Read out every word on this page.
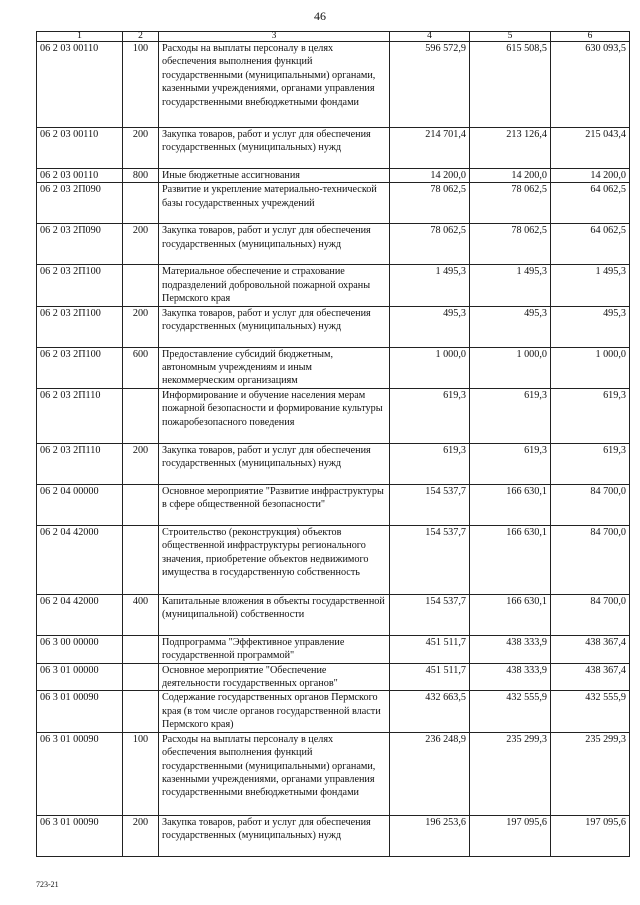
46
1	2	3	4	5	6
06 2 03 00110	100	Расходы на выплаты персоналу в целях обеспечения выполнения функций государственными (муниципальными) органами, казенными учреждениями, органами управления государственными внебюджетными фондами	596 572,9	615 508,5	630 093,5
06 2 03 00110	200	Закупка товаров, работ и услуг для обеспечения государственных (муниципальных) нужд	214 701,4	213 126,4	215 043,4
06 2 03 00110	800	Иные бюджетные ассигнования	14 200,0	14 200,0	14 200,0
06 2 03 2П090		Развитие и укрепление материально-технической базы государственных учреждений	78 062,5	78 062,5	64 062,5
06 2 03 2П090	200	Закупка товаров, работ и услуг для обеспечения государственных (муниципальных) нужд	78 062,5	78 062,5	64 062,5
06 2 03 2П100		Материальное обеспечение и страхование подразделений добровольной пожарной охраны Пермского края	1 495,3	1 495,3	1 495,3
06 2 03 2П100	200	Закупка товаров, работ и услуг для обеспечения государственных (муниципальных) нужд	495,3	495,3	495,3
06 2 03 2П100	600	Предоставление субсидий бюджетным, автономным учреждениям и иным некоммерческим организациям	1 000,0	1 000,0	1 000,0
06 2 03 2П110		Информирование и обучение населения мерам пожарной безопасности и формирование культуры пожаробезопасного поведения	619,3	619,3	619,3
06 2 03 2П110	200	Закупка товаров, работ и услуг для обеспечения государственных (муниципальных) нужд	619,3	619,3	619,3
06 2 04 00000		Основное мероприятие "Развитие инфраструктуры в сфере общественной безопасности"	154 537,7	166 630,1	84 700,0
06 2 04 42000		Строительство (реконструкция) объектов общественной инфраструктуры регионального значения, приобретение объектов недвижимого имущества в государственную собственность	154 537,7	166 630,1	84 700,0
06 2 04 42000	400	Капитальные вложения в объекты государственной (муниципальной) собственности	154 537,7	166 630,1	84 700,0
06 3 00 00000		Подпрограмма "Эффективное управление государственной программой"	451 511,7	438 333,9	438 367,4
06 3 01 00000		Основное мероприятие "Обеспечение деятельности государственных органов"	451 511,7	438 333,9	438 367,4
06 3 01 00090		Содержание государственных органов Пермского края (в том числе органов государственной власти Пермского края)	432 663,5	432 555,9	432 555,9
06 3 01 00090	100	Расходы на выплаты персоналу в целях обеспечения выполнения функций государственными (муниципальными) органами, казенными учреждениями, органами управления государственными внебюджетными фондами	236 248,9	235 299,3	235 299,3
06 3 01 00090	200	Закупка товаров, работ и услуг для обеспечения государственных (муниципальных) нужд	196 253,6	197 095,6	197 095,6
723-21
